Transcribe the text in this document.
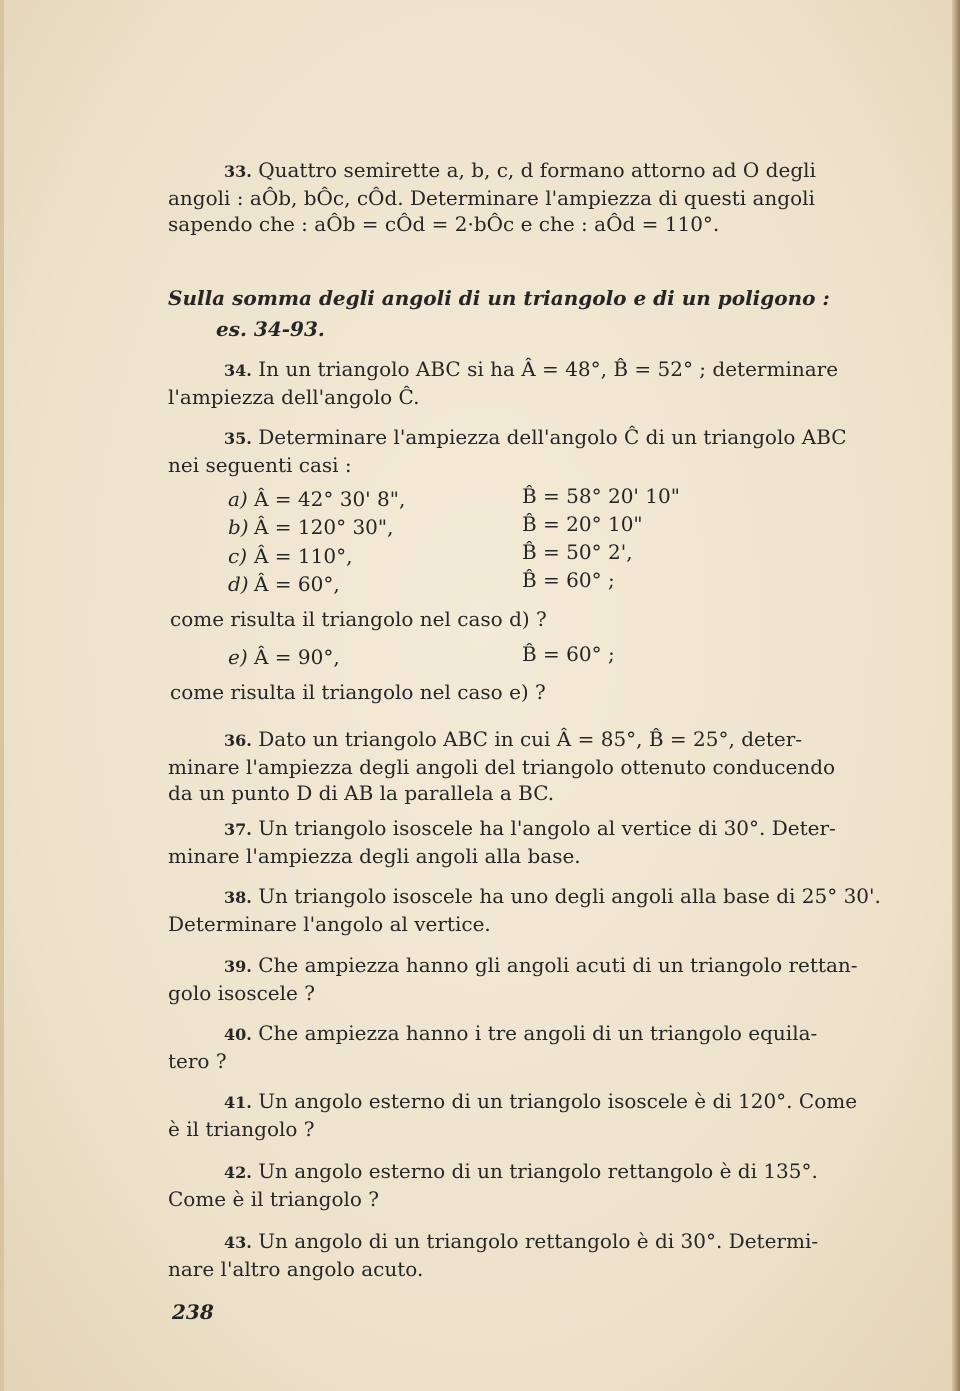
33. Quattro semirette a, b, c, d formano attorno ad O degli
angoli : aÔb, bÔc, cÔd. Determinare l'ampiezza di questi angoli
sapendo che : aÔb = cÔd = 2·bÔc e che : aÔd = 110°.
Sulla somma degli angoli di un triangolo e di un poligono :
es. 34-93.
34. In un triangolo ABC si ha Â = 48°, B̂ = 52° ; determinare
l'ampiezza dell'angolo Ĉ.
35. Determinare l'ampiezza dell'angolo Ĉ di un triangolo ABC
nei seguenti casi :
a) Â = 42° 30' 8",	B̂ = 58° 20' 10"
b) Â = 120° 30",	B̂ = 20° 10"
c) Â = 110°,	B̂ = 50° 2',
d) Â = 60°,	B̂ = 60° ;
come risulta il triangolo nel caso d) ?
e) Â = 90°,	B̂ = 60° ;
come risulta il triangolo nel caso e) ?
36. Dato un triangolo ABC in cui Â = 85°, B̂ = 25°, deter-
minare l'ampiezza degli angoli del triangolo ottenuto conducendo
da un punto D di AB la parallela a BC.
37. Un triangolo isoscele ha l'angolo al vertice di 30°. Deter-
minare l'ampiezza degli angoli alla base.
38. Un triangolo isoscele ha uno degli angoli alla base di 25° 30'.
Determinare l'angolo al vertice.
39. Che ampiezza hanno gli angoli acuti di un triangolo rettan-
golo isoscele ?
40. Che ampiezza hanno i tre angoli di un triangolo equila-
tero ?
41. Un angolo esterno di un triangolo isoscele è di 120°. Come
è il triangolo ?
42. Un angolo esterno di un triangolo rettangolo è di 135°.
Come è il triangolo ?
43. Un angolo di un triangolo rettangolo è di 30°. Determi-
nare l'altro angolo acuto.
238
